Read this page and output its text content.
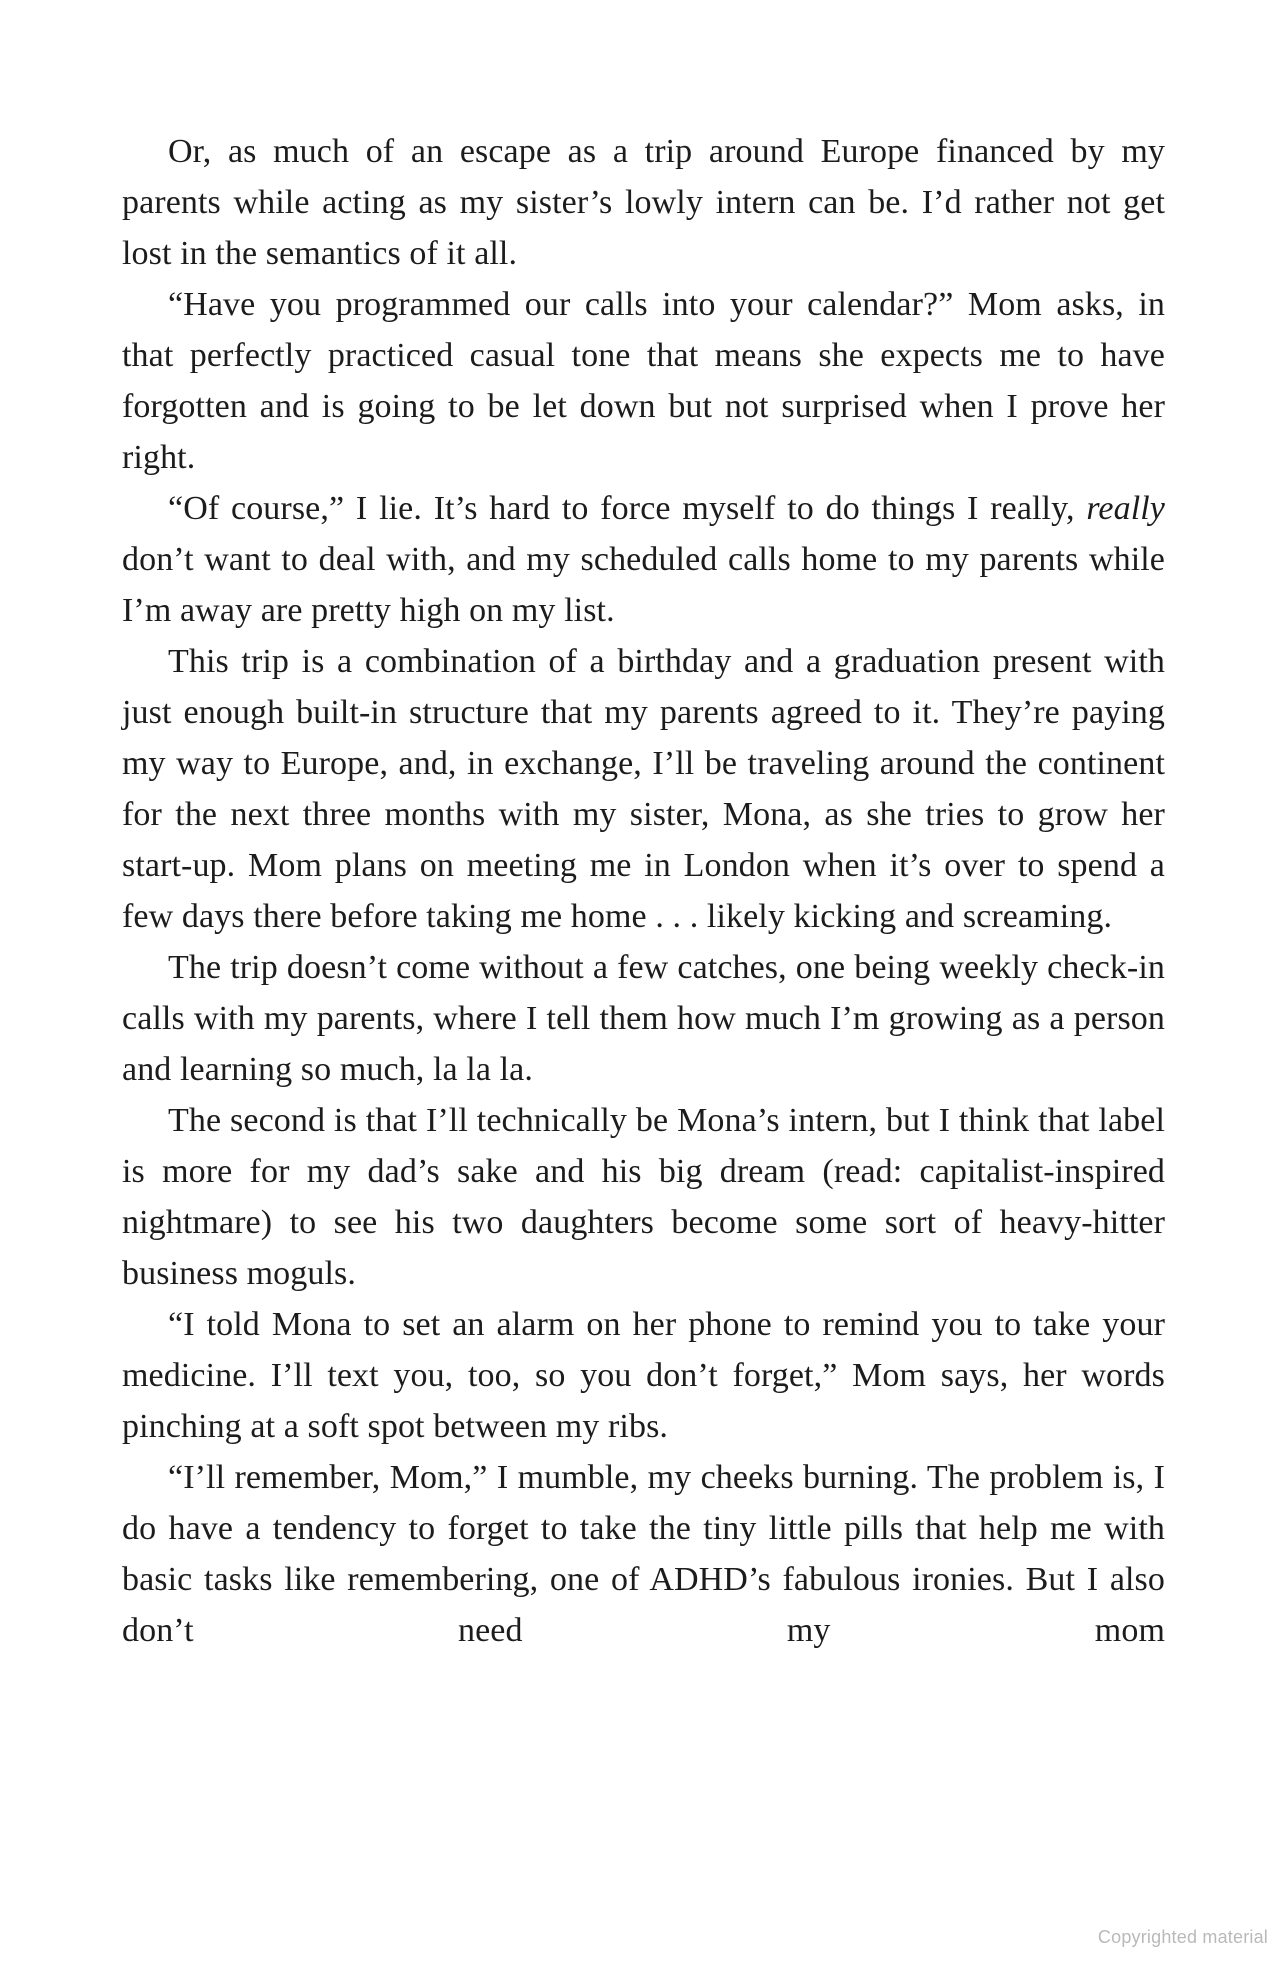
Or, as much of an escape as a trip around Europe financed by my parents while acting as my sister’s lowly intern can be. I’d rather not get lost in the semantics of it all.

“Have you programmed our calls into your calendar?” Mom asks, in that perfectly practiced casual tone that means she expects me to have forgotten and is going to be let down but not surprised when I prove her right.

“Of course,” I lie. It’s hard to force myself to do things I really, really don’t want to deal with, and my scheduled calls home to my parents while I’m away are pretty high on my list.

This trip is a combination of a birthday and a graduation present with just enough built-in structure that my parents agreed to it. They’re paying my way to Europe, and, in exchange, I’ll be traveling around the continent for the next three months with my sister, Mona, as she tries to grow her start-up. Mom plans on meeting me in London when it’s over to spend a few days there before taking me home . . . likely kicking and screaming.

The trip doesn’t come without a few catches, one being weekly check-in calls with my parents, where I tell them how much I’m growing as a person and learning so much, la la la.

The second is that I’ll technically be Mona’s intern, but I think that label is more for my dad’s sake and his big dream (read: capitalist-inspired nightmare) to see his two daughters become some sort of heavy-hitter business moguls.

“I told Mona to set an alarm on her phone to remind you to take your medicine. I’ll text you, too, so you don’t forget,” Mom says, her words pinching at a soft spot between my ribs.

“I’ll remember, Mom,” I mumble, my cheeks burning. The problem is, I do have a tendency to forget to take the tiny little pills that help me with basic tasks like remembering, one of ADHD’s fabulous ironies. But I also don’t need my mom

Copyrighted material
